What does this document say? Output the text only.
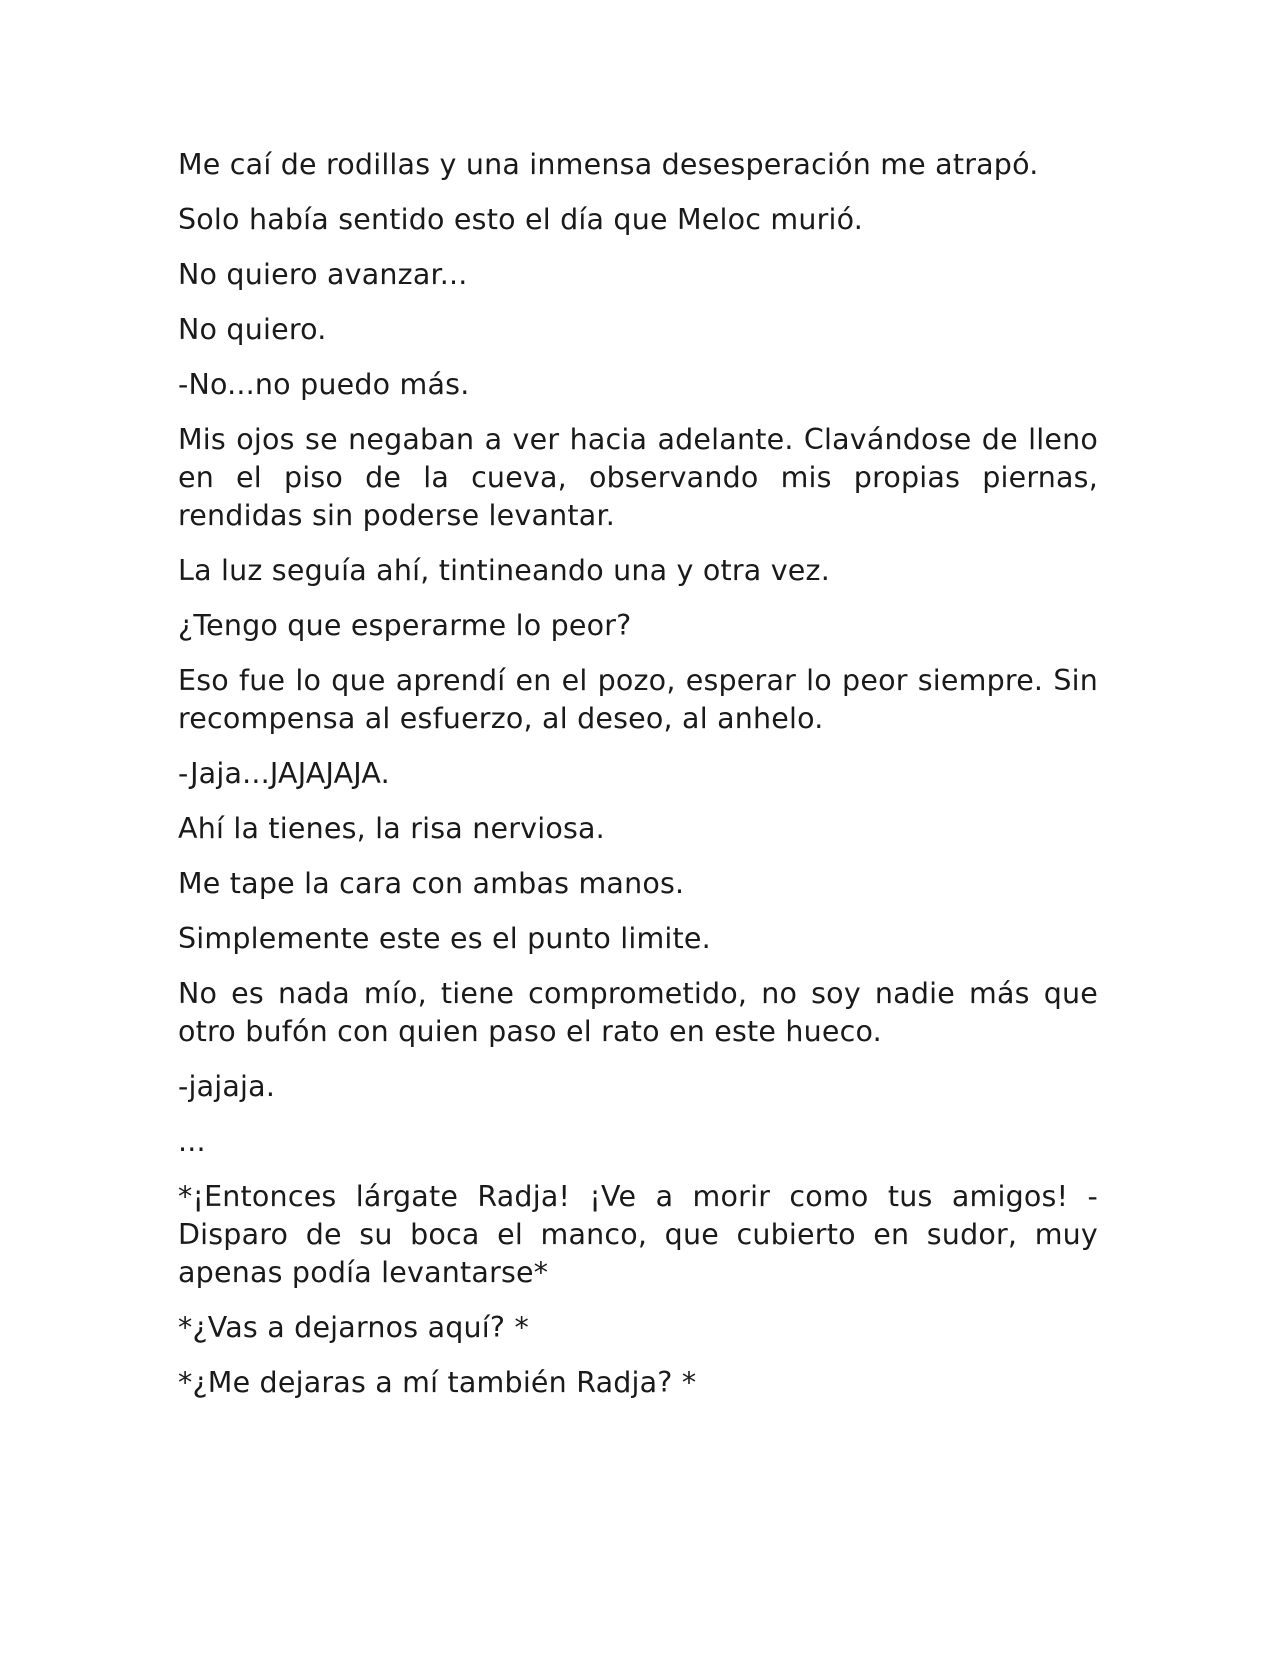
Me caí de rodillas y una inmensa desesperación me atrapó.

Solo había sentido esto el día que Meloc murió.

No quiero avanzar...

No quiero.

-No...no puedo más.

Mis ojos se negaban a ver hacia adelante. Clavándose de lleno en el piso de la cueva, observando mis propias piernas, rendidas sin poderse levantar.

La luz seguía ahí, tintineando una y otra vez.

¿Tengo que esperarme lo peor?

Eso fue lo que aprendí en el pozo, esperar lo peor siempre. Sin recompensa al esfuerzo, al deseo, al anhelo.

-Jaja...JAJAJAJA.

Ahí la tienes, la risa nerviosa.

Me tape la cara con ambas manos.

Simplemente este es el punto limite.

No es nada mío, tiene comprometido, no soy nadie más que otro bufón con quien paso el rato en este hueco.

-jajaja.

...

*¡Entonces lárgate Radja! ¡Ve a morir como tus amigos! -Disparo de su boca el manco, que cubierto en sudor, muy apenas podía levantarse*

*¿Vas a dejarnos aquí? *

*¿Me dejaras a mí también Radja? *
